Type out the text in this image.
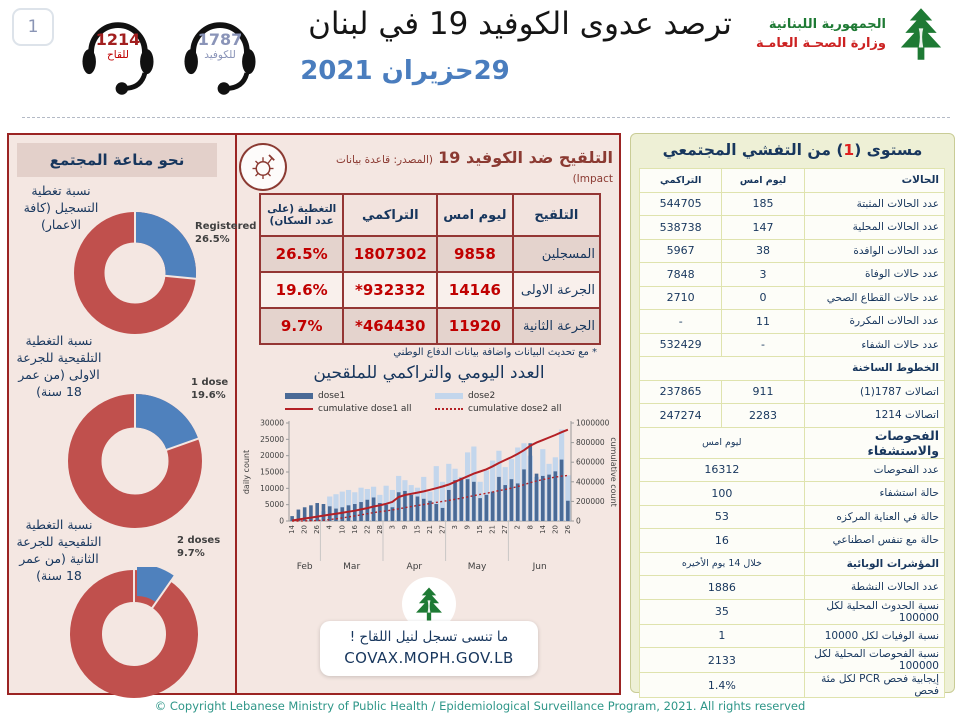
1
1214
للقاح
1787
للكوفيد
ترصد عدوى الكوفيد 19 في لبنان
29حزيران 2021
الجمهورية اللبنانية
وزارة الصحـة العامـة
نحو مناعة المجتمع
نسبة تغطية التسجيل (كافة الاعمار)	Registered
26.5%
نسبة التغطية التلقيحية للجرعة الاولى (من عمر 18 سنة)
1 dose
19.6%
نسبة التغطية التلقيحية للجرعة الثانية (من عمر 18 سنة)
2 doses
9.7%
التلقيح ضد الكوفيد 19 (المصدر: قاعدة بيانات Impact)
التلقيح	ليوم امس	التراكمي	التغطية (على عدد السكان)
المسجلين	9858	1807302	26.5%
الجرعة الاولى	14146	*932332	19.6%
الجرعة الثانية	11920	*464430	9.7%
* مع تحديث البيانات واضافة بيانات الدفاع الوطني
العدد اليومي والتراكمي للملقحين
dose1	dose2
cumulative dose1 all	cumulative dose2 all
0
5000
10000
15000
20000
25000
30000
0
200000
400000
600000
800000
1000000
daily count	cumulative count
14 20 26 4 10 16 22 28 3 9 15 21 27 3 9 15 21 27 2 8 14 20 26
Feb	Mar	Apr	May	Jun
ما تنسى تسجل لنيل اللقاح !
COVAX.MOPH.GOV.LB
مستوى (1) من التفشي المجتمعي
الحالات	ليوم امس	التراكمي
عدد الحالات المثبتة	185	544705
عدد الحالات المحلية	147	538738
عدد الحالات الوافدة	38	5967
عدد حالات الوفاة	3	7848
عدد حالات القطاع الصحي	0	2710
عدد الحالات المكررة	11	-
عدد حالات الشفاء	-	532429
الخطوط الساخنة		
اتصالات 1787(1)	911	237865
اتصالات 1214	2283	247274
الفحوصات والاستشفاء	ليوم امس	
عدد الفحوصات	16312	
حالة استشفاء	100	
حالة في العناية المركزه	53	
حالة مع تنفس اصطناعي	16	
المؤشرات الوبائية	خلال 14 يوم الأخيره	
عدد الحالات النشطة	1886	
نسبة الحدوث المحلية لكل 100000	35	
نسبة الوفيات لكل 10000	1	
نسبة الفحوصات المحلية لكل 100000	2133	
إيجابية فحص PCR لكل مئة فحص	1.4%	
© Copyright Lebanese Ministry of Public Health / Epidemiological Surveillance Program, 2021. All rights reserved
